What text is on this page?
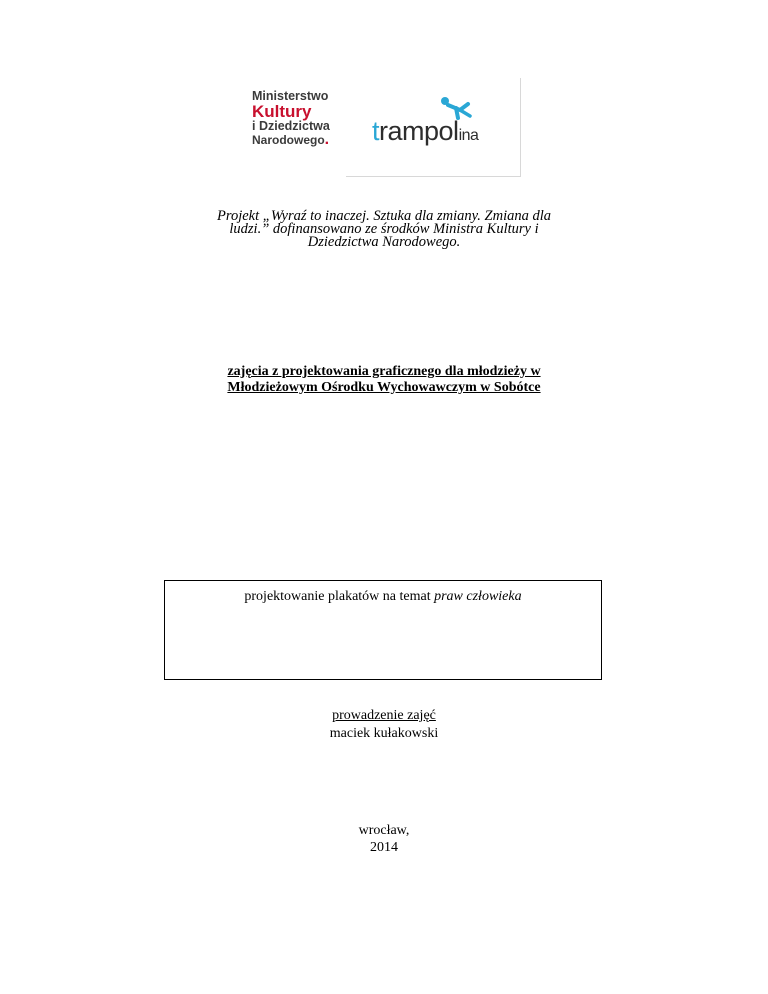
Ministerstwo
Kultury
i Dziedzictwa
Narodowego.	trampolina
Projekt „Wyraź to inaczej. Sztuka dla zmiany. Zmiana dla
ludzi.” dofinansowano ze środków Ministra Kultury i
Dziedzictwa Narodowego.
zajęcia z projektowania graficznego dla młodzieży w
Młodzieżowym Ośrodku Wychowawczym w Sobótce
projektowanie plakatów na temat praw człowieka
prowadzenie zajęć
maciek kułakowski
wrocław,
2014
